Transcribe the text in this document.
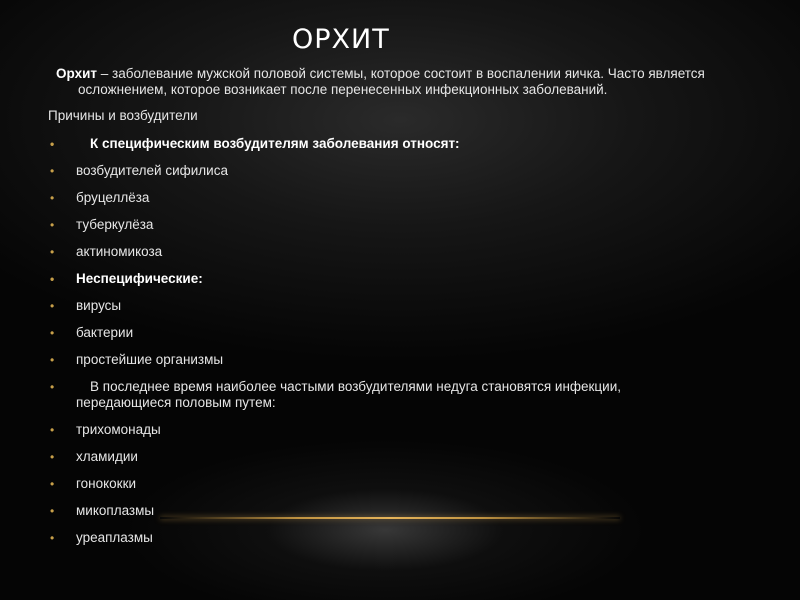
ОРХИТ
Орхит – заболевание мужской половой системы, которое состоит в воспалении яичка. Часто является
осложнением, которое возникает после перенесенных инфекционных заболеваний.
Причины и возбудители
•	К специфическим возбудителям заболевания относят:
• возбудителей сифилиса
• бруцеллёза
• туберкулёза
• актиномикоза
• Неспецифические:
• вирусы
• бактерии
• простейшие организмы
•	В последнее время наиболее частыми возбудителями недуга становятся инфекции,
передающиеся половым путем:
• трихомонады
• хламидии
• гонококки
• микоплазмы
• уреаплазмы
